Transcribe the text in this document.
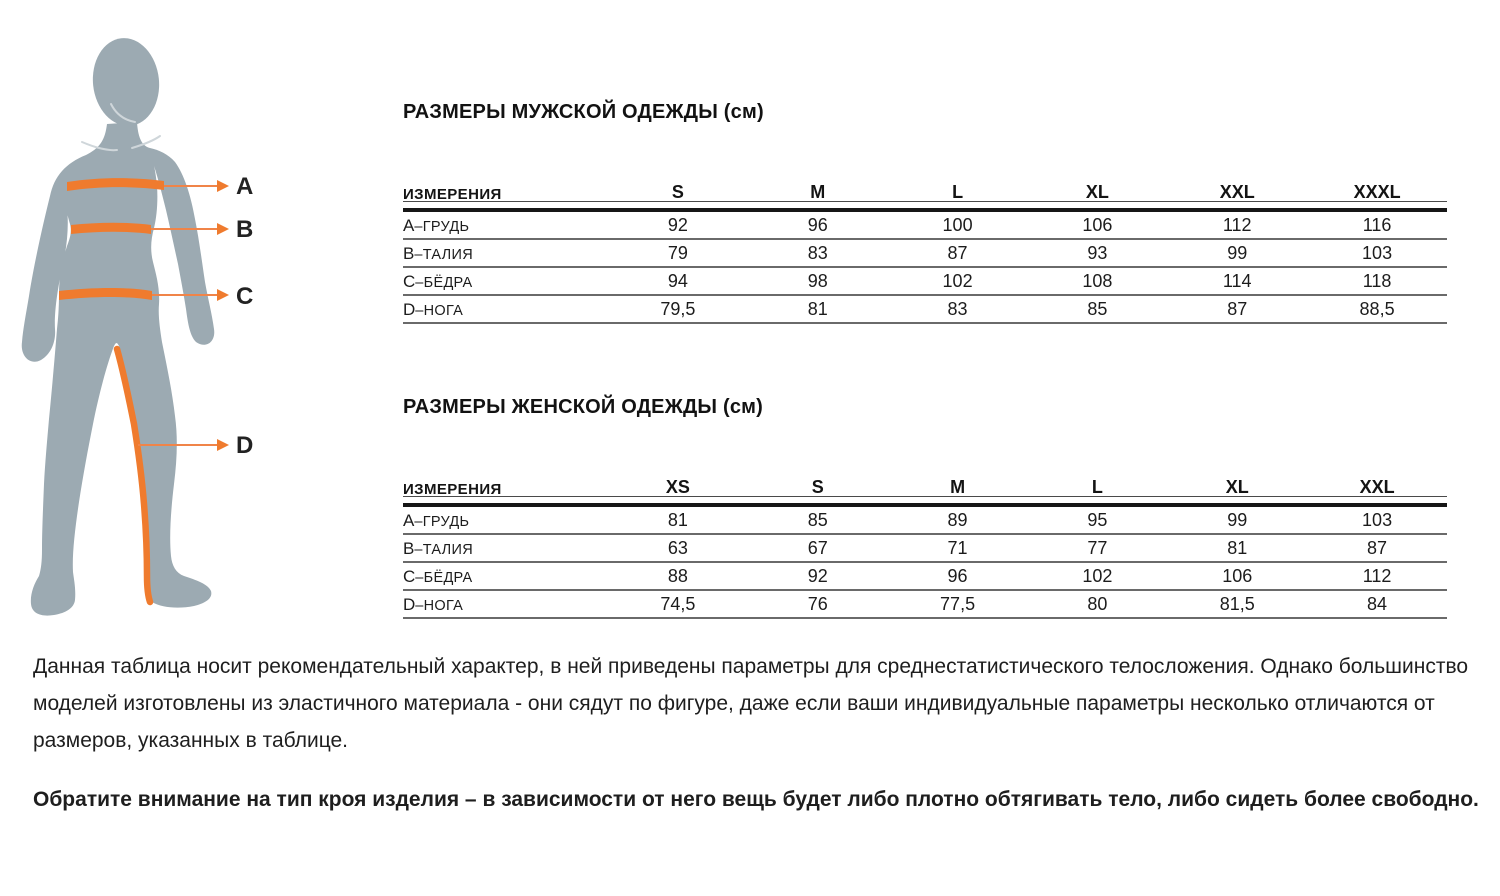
A
B
C
D
РАЗМЕРЫ МУЖСКОЙ ОДЕЖДЫ (см)
ИЗМЕРЕНИЯ	S	M	L	XL	XXL	XXXL
А–ГРУДЬ	92	96	100	106	112	116
В–ТАЛИЯ	79	83	87	93	99	103
С–БЁДРА	94	98	102	108	114	118
D–НОГА	79,5	81	83	85	87	88,5
РАЗМЕРЫ ЖЕНСКОЙ ОДЕЖДЫ (см)
ИЗМЕРЕНИЯ	XS	S	M	L	XL	XXL
А–ГРУДЬ	81	85	89	95	99	103
В–ТАЛИЯ	63	67	71	77	81	87
С–БЁДРА	88	92	96	102	106	112
D–НОГА	74,5	76	77,5	80	81,5	84

Данная таблица носит рекомендательный характер, в ней приведены параметры для среднестатистического телосложения. Однако большинство моделей изготовлены из эластичного материала - они сядут по фигуре, даже если ваши индивидуальные параметры несколько отличаются от размеров, указанных в таблице.

Обратите внимание на тип кроя изделия – в зависимости от него вещь будет либо плотно обтягивать тело, либо сидеть более свободно.
